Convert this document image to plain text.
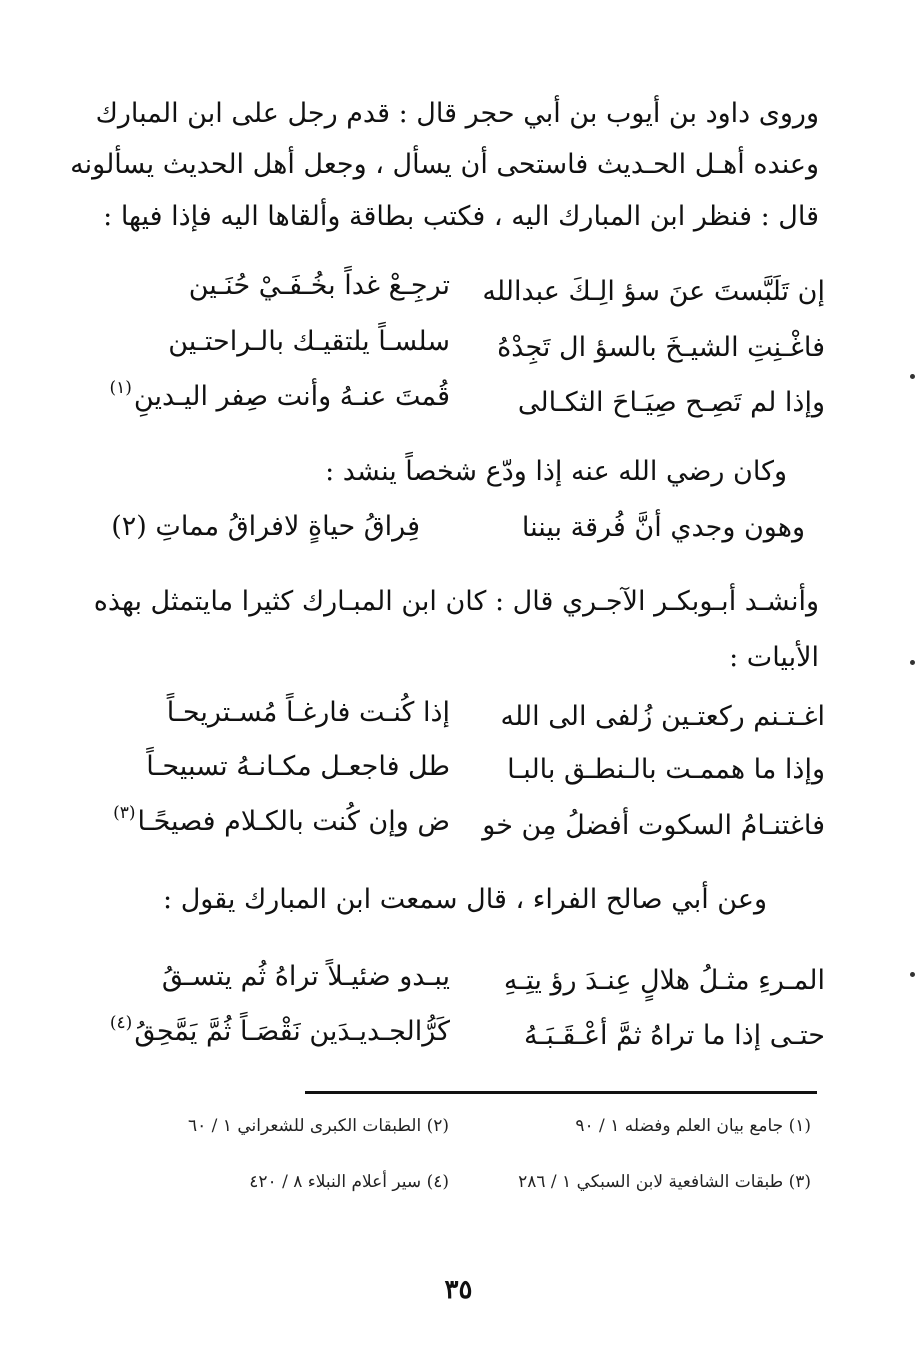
وروى داود بن أيوب بن أبي حجر قال : قدم رجل على ابن المبارك
وعنده أهـل الحـديث فاستحى أن يسأل ، وجعل أهل الحديث يسألونه
قال : فنظر ابن المبارك اليه ، فكتب بطاقة وألقاها اليه فإذا فيها :
إن تَلَبَّستَ عنَ سؤ الِـكَ عبدالله
ترجِـعْ غداً بخُـفَـيْ حُنَـين
فاغْـنِتِ الشيـخَ بالسؤ ال تَجِدْهُ
سلسـاً يلتقيـك بالـراحتـين
وإذا لم تَصِـح صِيَـاحَ الثكـالى
قُمتَ عنـهُ وأنت صِفر اليـدينِ$^{(١)}$
وكان رضي الله عنه إذا ودّع شخصاً ينشد :
وهون وجدي أنَّ فُرقة بيننا
فِراقُ حياةٍ لافراقُ مماتِ (٢)
وأنشـد أبـوبكـر الآجـري قال : كان ابن المبـارك كثيرا مايتمثل بهذه
الأبيات :
اغـتـنم ركعتـين زُلفى الى الله
إذا كُنـت فارغـاً مُسـتريحـاً
وإذا ما هممـت بالـنطـق بالبـا
طل فاجعـل مكـانـهُ تسبيحـاً
فاغتنـامُ السكوت أفضلُ مِن خو
ض وإن كُنت بالكـلام فصيحًـا$^{(٣)}$
وعن أبي صالح الفراء ، قال سمعت ابن المبارك يقول :
المـرءِ مثـلُ هلالٍ عِنـدَ رؤ يتِـهِ
يبـدو ضئيـلاً تراهُ ثُم يتسـقُ
حتـى إذا ما تراهُ ثمَّ أعْـقَـبَـهُ
كَرُّالجـديـدَين نَقْصَـاً ثُمَّ يَمَّحِقُ$^{(٤)}$
(١) جامع بيان العلم وفضله ١ / ٩٠
(٢) الطبقات الكبرى للشعراني ١ / ٦٠
(٣) طبقات الشافعية لابن السبكي ١ / ٢٨٦
(٤) سير أعلام النبلاء ٨ / ٤٢٠
٣٥
